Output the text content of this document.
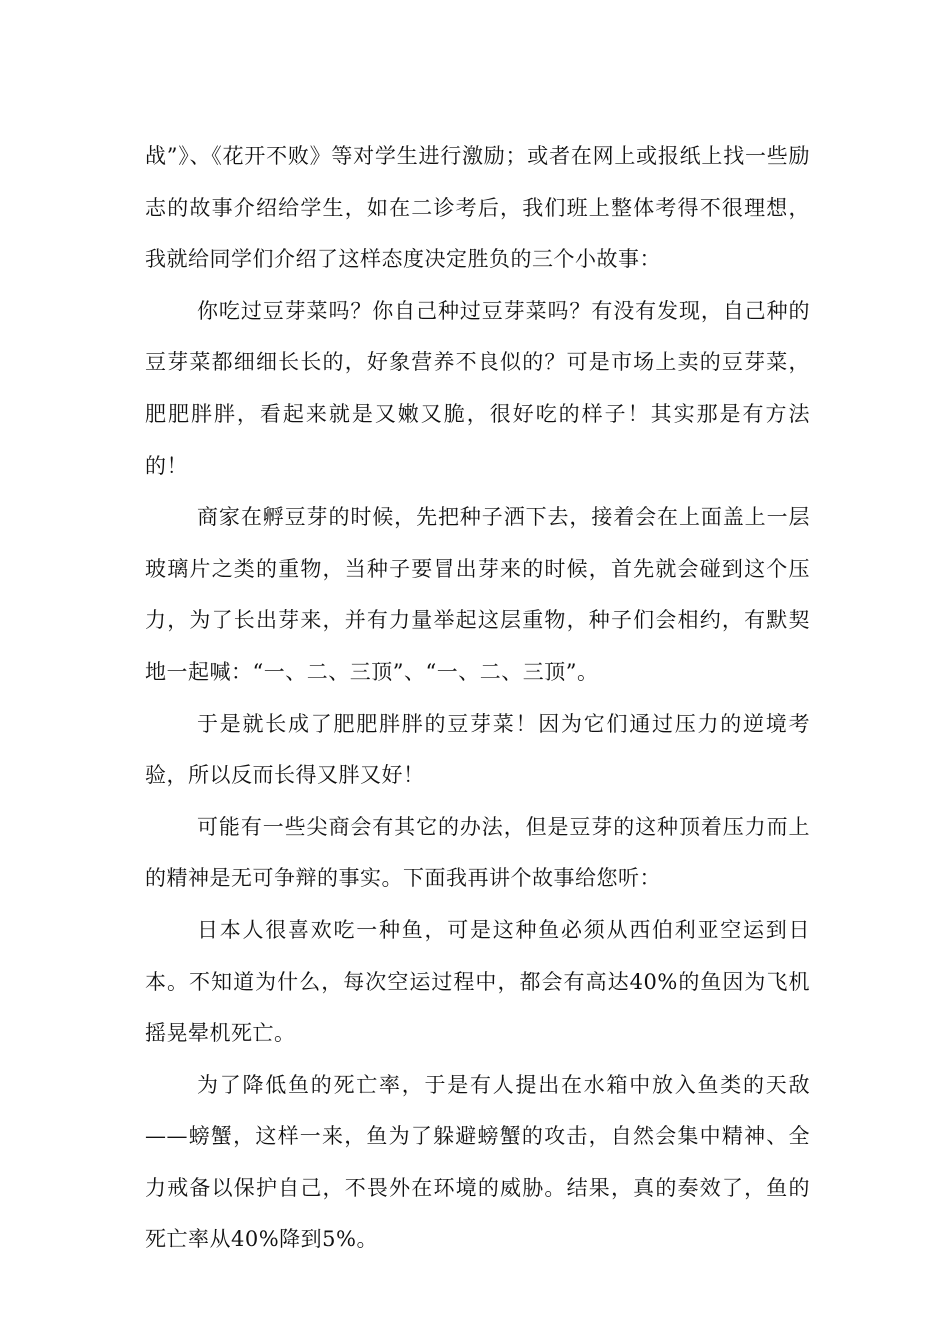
战”》、《花开不败》等对学生进行激励；或者在网上或报纸上找一些励志的故事介绍给学生，如在二诊考后，我们班上整体考得不很理想，我就给同学们介绍了这样态度决定胜负的三个小故事：

你吃过豆芽菜吗？你自己种过豆芽菜吗？有没有发现，自己种的豆芽菜都细细长长的，好象营养不良似的？可是市场上卖的豆芽菜，肥肥胖胖，看起来就是又嫩又脆，很好吃的样子！其实那是有方法的！

商家在孵豆芽的时候，先把种子洒下去，接着会在上面盖上一层玻璃片之类的重物，当种子要冒出芽来的时候，首先就会碰到这个压力，为了长出芽来，并有力量举起这层重物，种子们会相约，有默契地一起喊：“一、二、三顶”、“一、二、三顶”。

于是就长成了肥肥胖胖的豆芽菜！因为它们通过压力的逆境考验，所以反而长得又胖又好！

可能有一些尖商会有其它的办法，但是豆芽的这种顶着压力而上的精神是无可争辩的事实。下面我再讲个故事给您听：

日本人很喜欢吃一种鱼，可是这种鱼必须从西伯利亚空运到日本。不知道为什么，每次空运过程中，都会有高达40%的鱼因为飞机摇晃晕机死亡。

为了降低鱼的死亡率，于是有人提出在水箱中放入鱼类的天敌——螃蟹，这样一来，鱼为了躲避螃蟹的攻击，自然会集中精神、全力戒备以保护自己，不畏外在环境的威胁。结果，真的奏效了，鱼的死亡率从40%降到5%。
